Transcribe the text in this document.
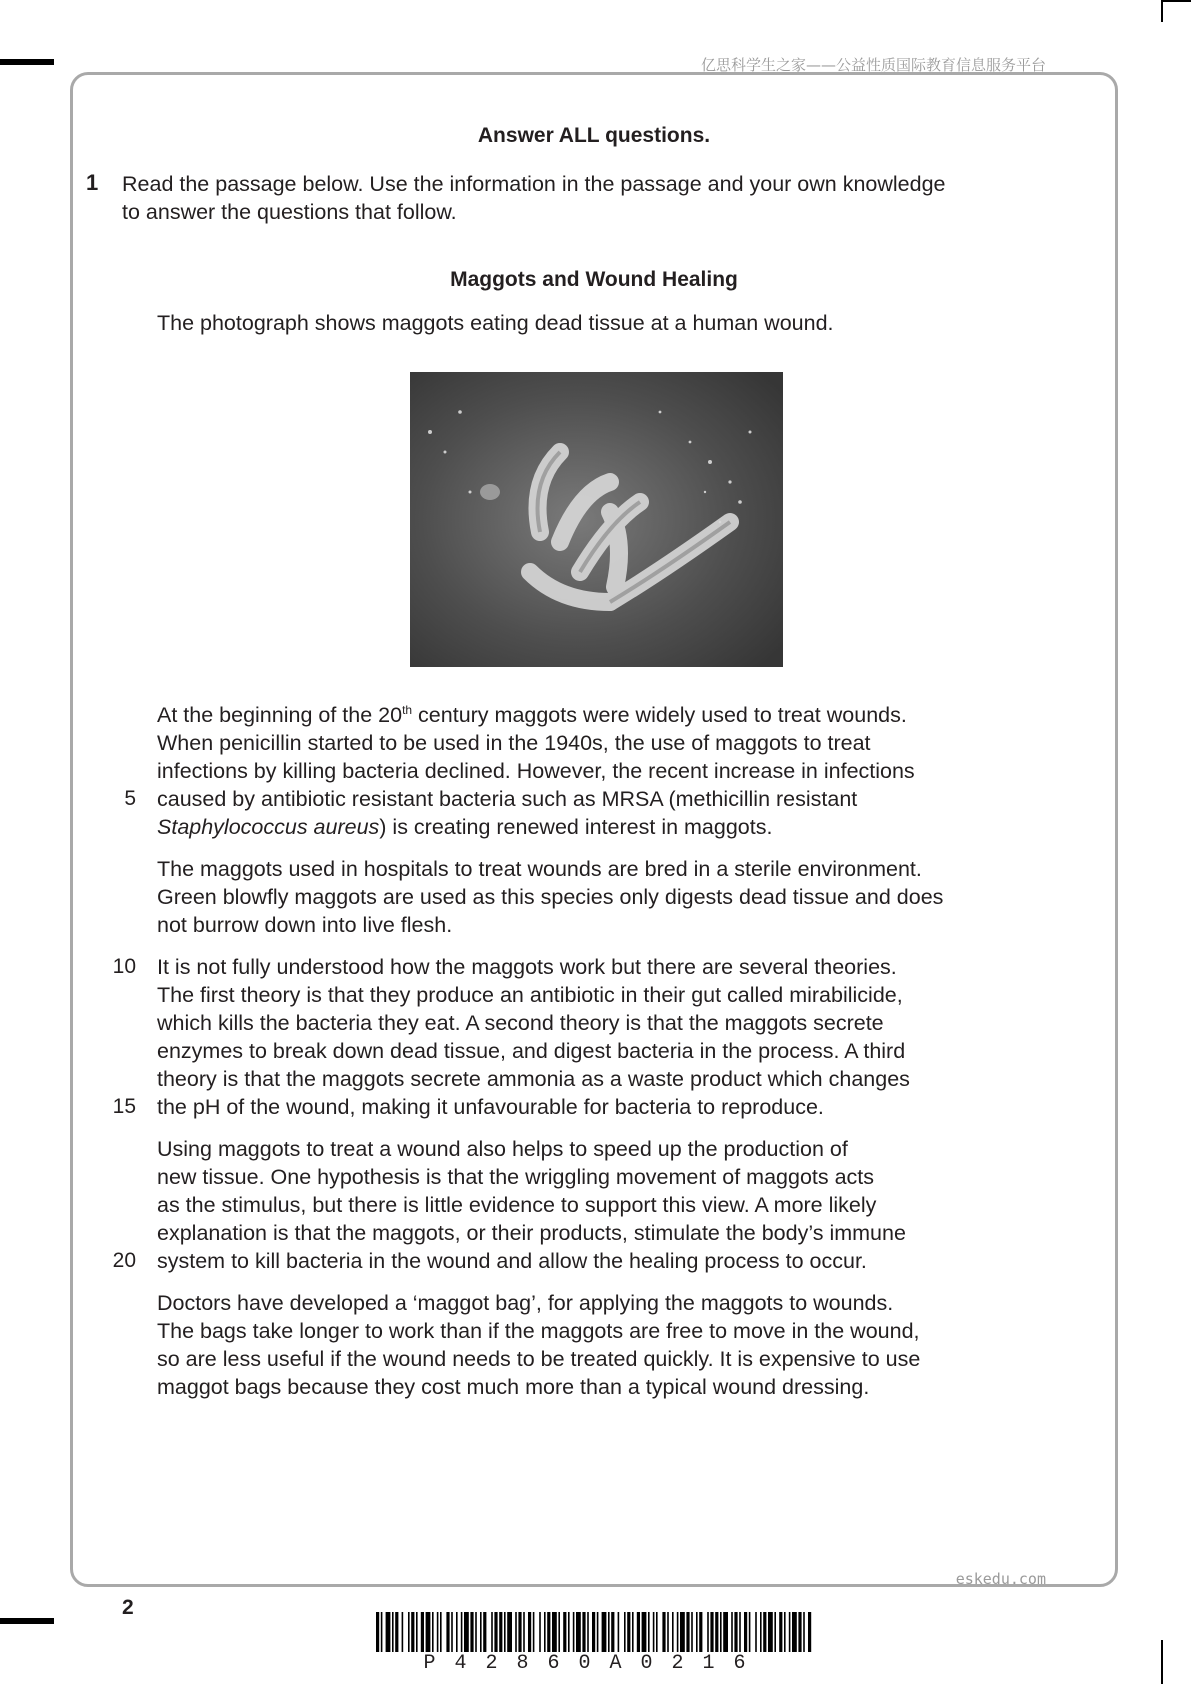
亿思科学生之家——公益性质国际教育信息服务平台
Answer ALL questions.
1 Read the passage below. Use the information in the passage and your own knowledge
to answer the questions that follow.

Maggots and Wound Healing

The photograph shows maggots eating dead tissue at a human wound.

At the beginning of the 20th century maggots were widely used to treat wounds.
When penicillin started to be used in the 1940s, the use of maggots to treat
infections by killing bacteria declined. However, the recent increase in infections
caused by antibiotic resistant bacteria such as MRSA (methicillin resistant
Staphylococcus aureus) is creating renewed interest in maggots.

5

The maggots used in hospitals to treat wounds are bred in a sterile environment.
Green blowfly maggots are used as this species only digests dead tissue and does
not burrow down into live flesh.

It is not fully understood how the maggots work but there are several theories.
The first theory is that they produce an antibiotic in their gut called mirabilicide,
which kills the bacteria they eat. A second theory is that the maggots secrete
enzymes to break down dead tissue, and digest bacteria in the process. A third
theory is that the maggots secrete ammonia as a waste product which changes
the pH of the wound, making it unfavourable for bacteria to reproduce.

10
15

Using maggots to treat a wound also helps to speed up the production of
new tissue. One hypothesis is that the wriggling movement of maggots acts
as the stimulus, but there is little evidence to support this view. A more likely
explanation is that the maggots, or their products, stimulate the body’s immune
system to kill bacteria in the wound and allow the healing process to occur.

20

Doctors have developed a ‘maggot bag’, for applying the maggots to wounds.
The bags take longer to work than if the maggots are free to move in the wound,
so are less useful if the wound needs to be treated quickly. It is expensive to use
maggot bags because they cost much more than a typical wound dressing.

eskedu.com
2
P42860A0216
